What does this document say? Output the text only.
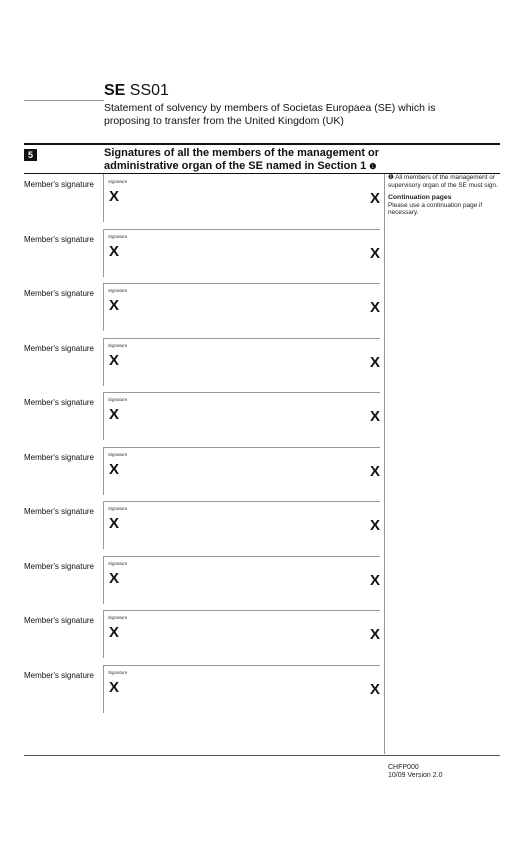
SE SS01
Statement of solvency by members of Societas Europaea (SE) which is proposing to transfer from the United Kingdom (UK)
5	Signatures of all the members of the management or administrative organ of the SE named in Section 1 ❶

❶ All members of the management or supervisory organ of the SE must sign.

Continuation pages

Please use a continuation page if necessary.

Member's signature	Signature
X	X
Member's signature	Signature
X	X
Member's signature	Signature
X	X
Member's signature	Signature
X	X
Member's signature	Signature
X	X
Member's signature	Signature
X	X
Member's signature	Signature
X	X
Member's signature	Signature
X	X
Member's signature	Signature
X	X
Member's signature	Signature
X	X
CHFP000
10/09 Version 2.0
